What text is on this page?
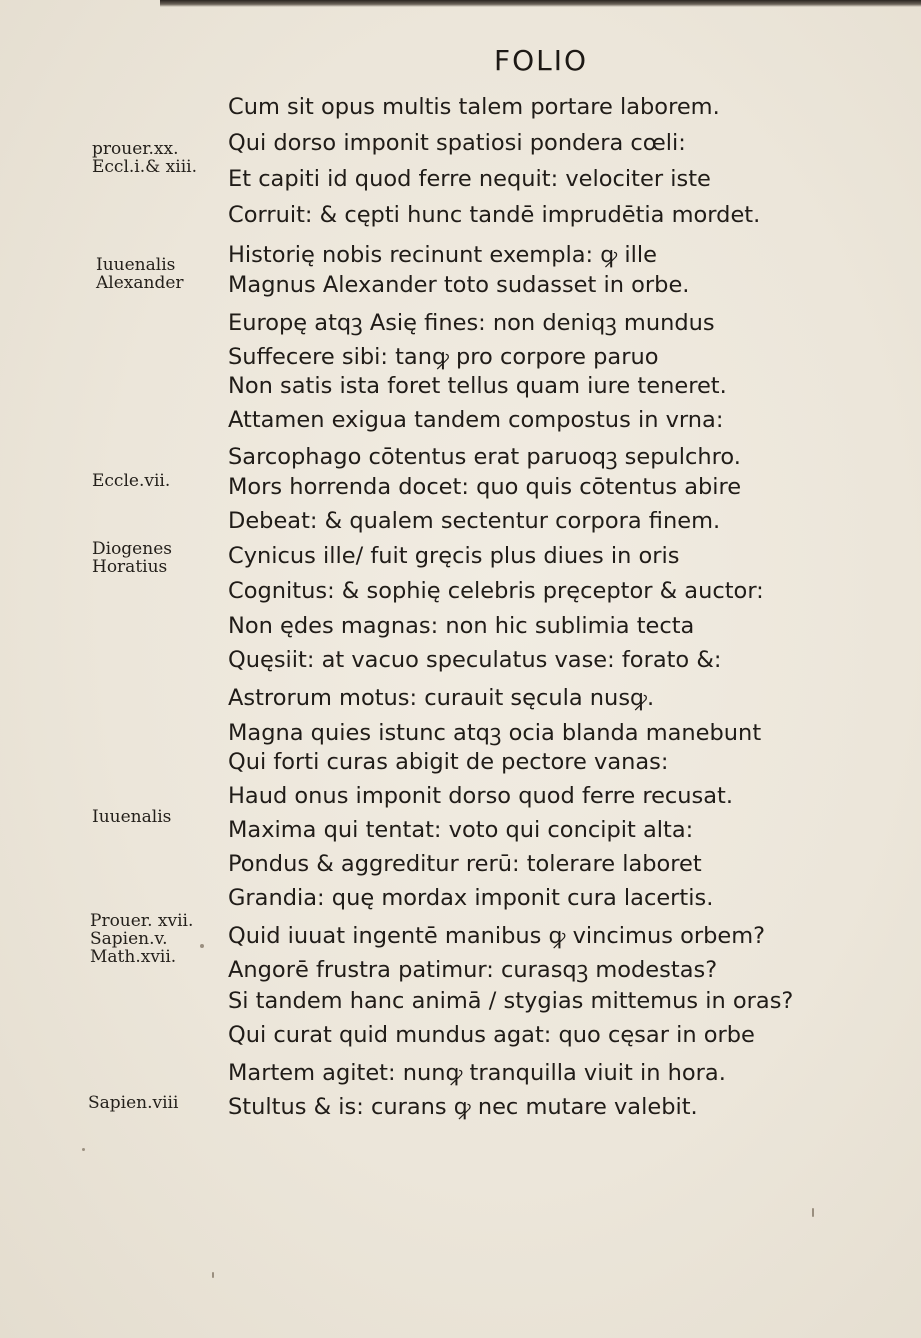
FOLIO
Cum sit opus multis talem portare laborem.
Qui dorso imponit spatiosi pondera cœli:
Et capiti id quod ferre nequit: velociter iste
Corruit: & cępti hunc tandē imprudētia mordet.
Historię nobis recinunt exempla: ꝙ ille
Magnus Alexander toto sudasset in orbe.
Europę atqꝫ Asię fines: non deniqꝫ mundus
Suffecere sibi: tanꝙ pro corpore paruo
Non satis ista foret tellus quam iure teneret.
Attamen exigua tandem compostus in vrna:
Sarcophago cōtentus erat paruoqꝫ sepulchro.
Mors horrenda docet: quo quis cōtentus abire
Debeat: & qualem sectentur corpora finem.
Cynicus ille/ fuit gręcis plus diues in oris
Cognitus: & sophię celebris pręceptor & auctor:
Non ędes magnas: non hic sublimia tecta
Quęsiit: at vacuo speculatus vase: forato &:
Astrorum motus: curauit sęcula nusꝙ.
Magna quies istunc atqꝫ ocia blanda manebunt
Qui forti curas abigit de pectore vanas:
Haud onus imponit dorso quod ferre recusat.
Maxima qui tentat: voto qui concipit alta:
Pondus & aggreditur rerū: tolerare laboret
Grandia: quę mordax imponit cura lacertis.
Quid iuuat ingentē manibus ꝙ vincimus orbem?
Angorē frustra patimur: curasqꝫ modestas?
Si tandem hanc animā / stygias mittemus in oras?
Qui curat quid mundus agat: quo cęsar in orbe
Martem agitet: nunꝙ tranquilla viuit in hora.
Stultus & is: curans ꝙ nec mutare valebit.
prouer.xx.
Eccl.i.& xiii.
Iuuenalis
Alexander
Eccle.vii.
Diogenes
Horatius
Iuuenalis
Prouer. xvii.
Sapien.v.
Math.xvii.
Sapien.viii
